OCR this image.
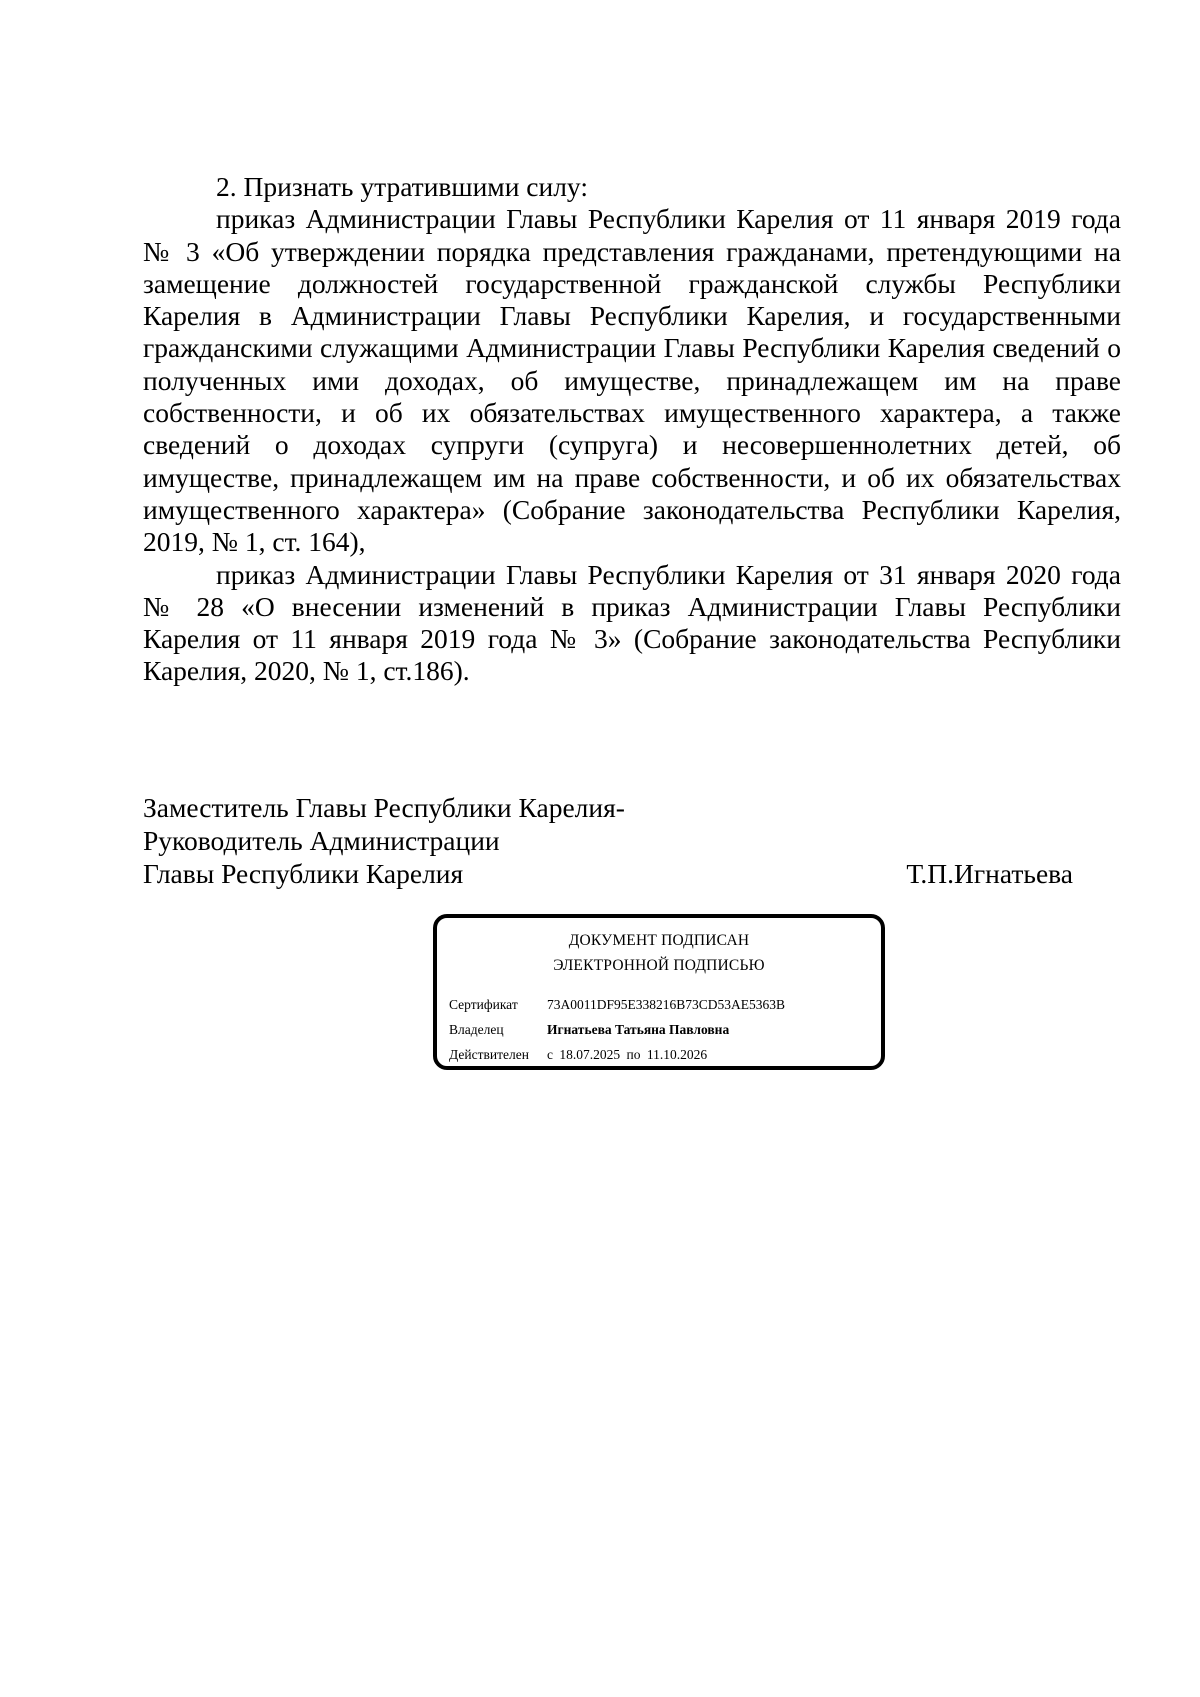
2. Признать утратившими силу:

приказ Администрации Главы Республики Карелия от 11 января 2019 года № 3 «Об утверждении порядка представления гражданами, претендующими на замещение должностей государственной гражданской службы Республики Карелия в Администрации Главы Республики Карелия, и государственными гражданскими служащими Администрации Главы Республики Карелия сведений о полученных ими доходах, об имуществе, принадлежащем им на праве собственности, и об их обязательствах имущественного характера, а также сведений о доходах супруги (супруга) и несовершеннолетних детей, об имуществе, принадлежащем им на праве собственности, и об их обязательствах имущественного характера» (Собрание законодательства Республики Карелия, 2019, № 1, ст. 164),

приказ Администрации Главы Республики Карелия от 31 января 2020 года № 28 «О внесении изменений в приказ Администрации Главы Республики Карелия от 11 января 2019 года № 3» (Собрание законодательства Республики Карелия, 2020, № 1, ст.186).

Заместитель Главы Республики Карелия-
Руководитель Администрации
Главы Республики Карелия	Т.П.Игнатьева
ДОКУМЕНТ ПОДПИСАН
ЭЛЕКТРОННОЙ ПОДПИСЬЮ
Сертификат	73A0011DF95E338216B73CD53AE5363B
Владелец	Игнатьева Татьяна Павловна
Действителен	с 18.07.2025 по 11.10.2026
